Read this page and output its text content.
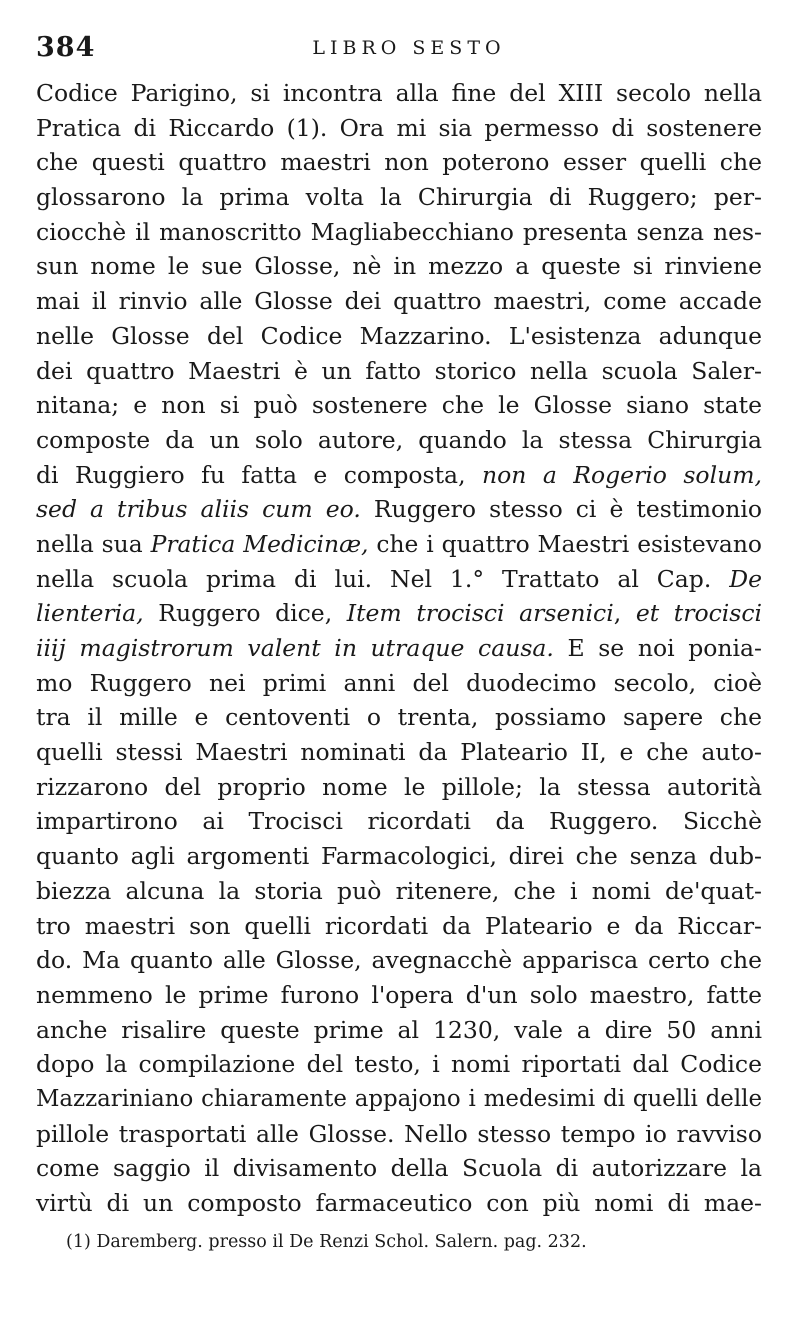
384	LIBRO SESTO
Codice Parigino, si incontra alla fine del XIII secolo nella
Pratica di Riccardo (1). Ora mi sia permesso di sostenere
che questi quattro maestri non poterono esser quelli che
glossarono la prima volta la Chirurgia di Ruggero; per-
ciocchè il manoscritto Magliabecchiano presenta senza nes-
sun nome le sue Glosse, nè in mezzo a queste si rinviene
mai il rinvio alle Glosse dei quattro maestri, come accade
nelle Glosse del Codice Mazzarino. L'esistenza adunque
dei quattro Maestri è un fatto storico nella scuola Saler-
nitana; e non si può sostenere che le Glosse siano state
composte da un solo autore, quando la stessa Chirurgia
di Ruggiero fu fatta e composta, non a Rogerio solum,
sed a tribus aliis cum eo. Ruggero stesso ci è testimonio
nella sua Pratica Medicinæ, che i quattro Maestri esistevano
nella scuola prima di lui. Nel 1.° Trattato al Cap. De
lienteria, Ruggero dice, Item trocisci arsenici, et trocisci
iiij magistrorum valent in utraque causa. E se noi ponia-
mo Ruggero nei primi anni del duodecimo secolo, cioè
tra il mille e centoventi o trenta, possiamo sapere che
quelli stessi Maestri nominati da Plateario II, e che auto-
rizzarono del proprio nome le pillole; la stessa autorità
impartirono ai Trocisci ricordati da Ruggero. Sicchè
quanto agli argomenti Farmacologici, direi che senza dub-
biezza alcuna la storia può ritenere, che i nomi de'quat-
tro maestri son quelli ricordati da Plateario e da Riccar-
do. Ma quanto alle Glosse, avegnacchè apparisca certo che
nemmeno le prime furono l'opera d'un solo maestro, fatte
anche risalire queste prime al 1230, vale a dire 50 anni
dopo la compilazione del testo, i nomi riportati dal Codice
Mazzariniano chiaramente appajono i medesimi di quelli delle
pillole trasportati alle Glosse. Nello stesso tempo io ravviso
come saggio il divisamento della Scuola di autorizzare la
virtù di un composto farmaceutico con più nomi di mae-
(1) Daremberg. presso il De Renzi Schol. Salern. pag. 232.
